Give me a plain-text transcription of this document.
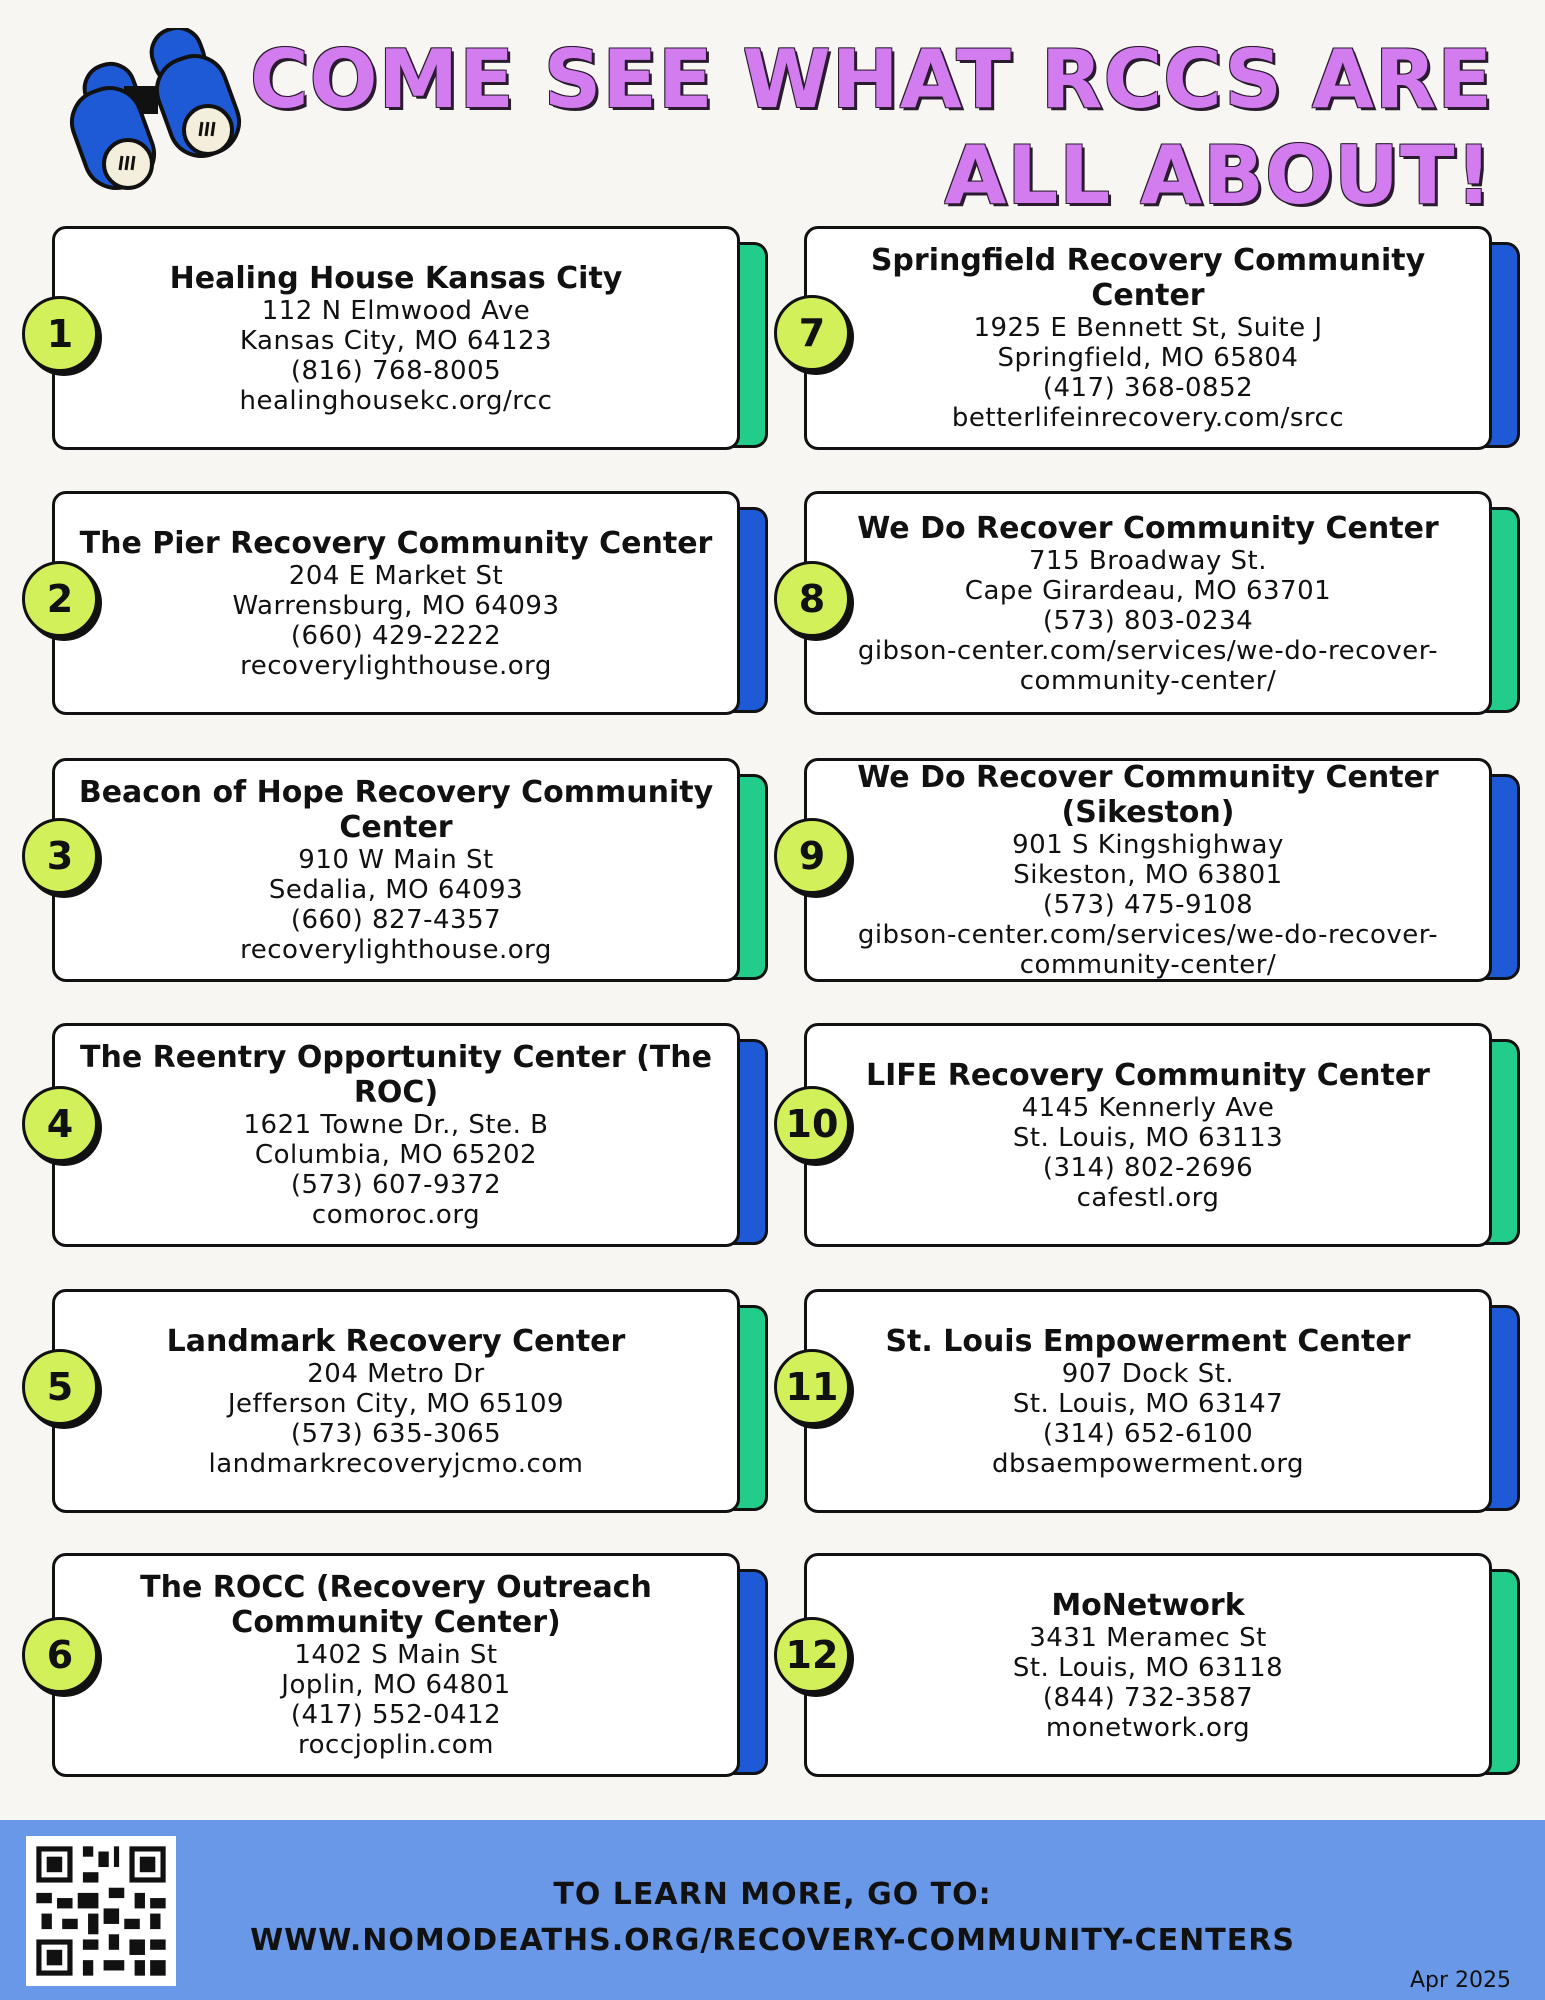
COME SEE WHAT RCCS ARE
ALL ABOUT!
Healing House Kansas City
112 N Elmwood Ave
Kansas City, MO 64123
(816) 768-8005
healinghousekc.org/rcc
1
The Pier Recovery Community Center
204 E Market St
Warrensburg, MO 64093
(660) 429-2222
recoverylighthouse.org
2
Beacon of Hope Recovery Community Center
910 W Main St
Sedalia, MO 64093
(660) 827-4357
recoverylighthouse.org
3
The Reentry Opportunity Center (The ROC)
1621 Towne Dr., Ste. B
Columbia, MO 65202
(573) 607-9372
comoroc.org
4
Landmark Recovery Center
204 Metro Dr
Jefferson City, MO 65109
(573) 635-3065
landmarkrecoveryjcmo.com
5
The ROCC (Recovery Outreach Community Center)
1402 S Main St
Joplin, MO 64801
(417) 552-0412
roccjoplin.com
6
Springfield Recovery Community Center
1925 E Bennett St, Suite J
Springfield, MO 65804
(417) 368-0852
betterlifeinrecovery.com/srcc
7
We Do Recover Community Center
715 Broadway St.
Cape Girardeau, MO 63701
(573) 803-0234
gibson-center.com/services/we-do-recover-community-center/
8
We Do Recover Community Center (Sikeston)
901 S Kingshighway
Sikeston, MO 63801
(573) 475-9108
gibson-center.com/services/we-do-recover-community-center/
9
LIFE Recovery Community Center
4145 Kennerly Ave
St. Louis, MO 63113
(314) 802-2696
cafestl.org
10
St. Louis Empowerment Center
907 Dock St.
St. Louis, MO 63147
(314) 652-6100
dbsaempowerment.org
11
MoNetwork
3431 Meramec St
St. Louis, MO 63118
(844) 732-3587
monetwork.org
12
TO LEARN MORE, GO TO:
WWW.NOMODEATHS.ORG/RECOVERY-COMMUNITY-CENTERS
Apr 2025
